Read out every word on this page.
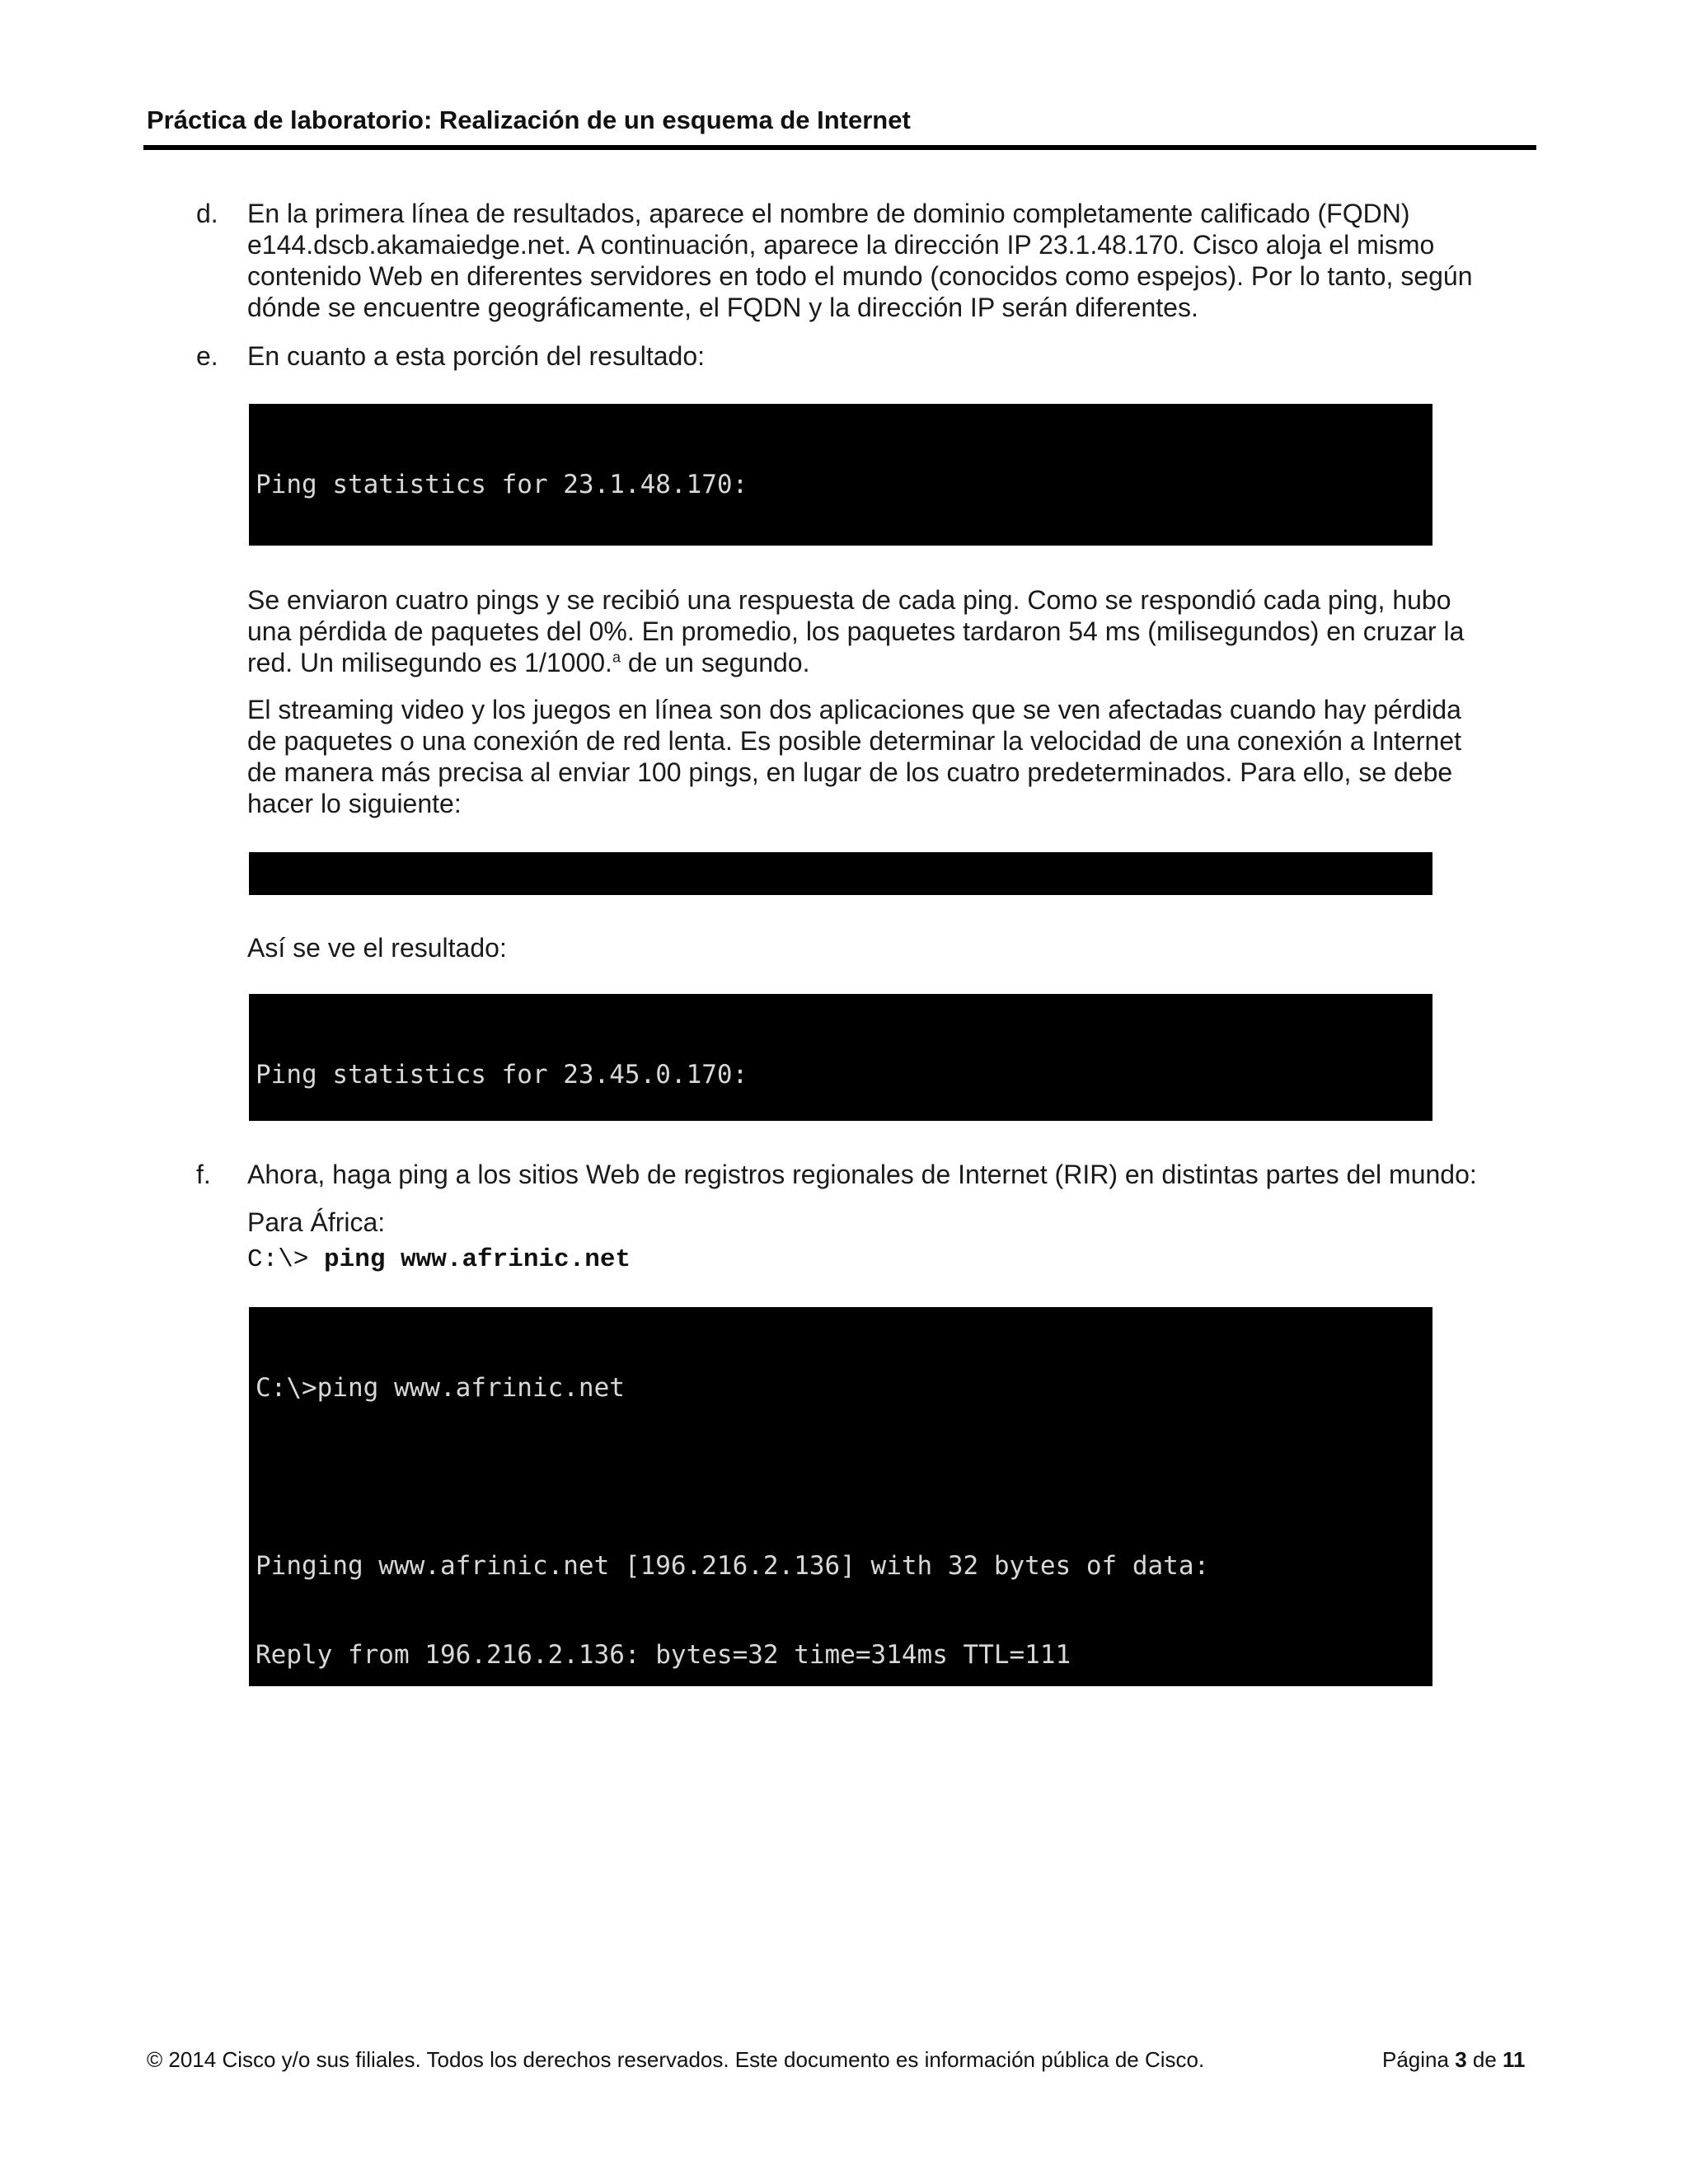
Práctica de laboratorio: Realización de un esquema de Internet
d. En la primera línea de resultados, aparece el nombre de dominio completamente calificado (FQDN)
e144.dscb.akamaiedge.net. A continuación, aparece la dirección IP 23.1.48.170. Cisco aloja el mismo
contenido Web en diferentes servidores en todo el mundo (conocidos como espejos). Por lo tanto, según
dónde se encuentre geográficamente, el FQDN y la dirección IP serán diferentes.
e. En cuanto a esta porción del resultado:

Ping statistics for 23.1.48.170:

Se enviaron cuatro pings y se recibió una respuesta de cada ping. Como se respondió cada ping, hubo
una pérdida de paquetes del 0%. En promedio, los paquetes tardaron 54 ms (milisegundos) en cruzar la
red. Un milisegundo es 1/1000.$^a$ de un segundo.
El streaming video y los juegos en línea son dos aplicaciones que se ven afectadas cuando hay pérdida
de paquetes o una conexión de red lenta. Es posible determinar la velocidad de una conexión a Internet
de manera más precisa al enviar 100 pings, en lugar de los cuatro predeterminados. Para ello, se debe
hacer lo siguiente:

Así se ve el resultado:

Ping statistics for 23.45.0.170:

f. Ahora, haga ping a los sitios Web de registros regionales de Internet (RIR) en distintas partes del mundo:
Para África:
C:\> ping www.afrinic.net

C:\>ping www.afrinic.net

Pinging www.afrinic.net [196.216.2.136] with 32 bytes of data:

Reply from 196.216.2.136: bytes=32 time=314ms TTL=111

© 2014 Cisco y/o sus filiales. Todos los derechos reservados. Este documento es información pública de Cisco.	Página 3 de 11
